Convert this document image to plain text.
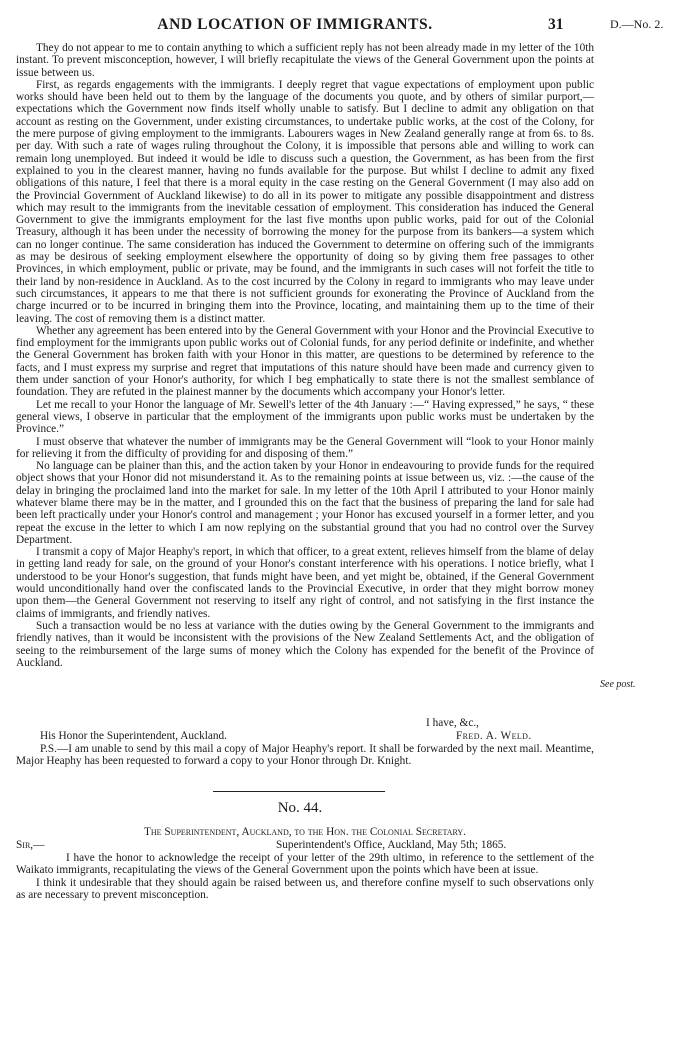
AND LOCATION OF IMMIGRANTS.	31	D.—No. 2.

They do not appear to me to contain anything to which a sufficient reply has not been already made in my letter of the 10th instant. To prevent misconception, however, I will briefly recapitulate the views of the General Government upon the points at issue between us.

First, as regards engagements with the immigrants. I deeply regret that vague expectations of employment upon public works should have been held out to them by the language of the documents you quote, and by others of similar purport,—expectations which the Government now finds itself wholly unable to satisfy. But I decline to admit any obligation on that account as resting on the Government, under existing circumstances, to undertake public works, at the cost of the Colony, for the mere purpose of giving employment to the immigrants. Labourers wages in New Zealand generally range at from 6s. to 8s. per day. With such a rate of wages ruling throughout the Colony, it is impossible that persons able and willing to work can remain long unemployed. But indeed it would be idle to discuss such a question, the Government, as has been from the first explained to you in the clearest manner, having no funds available for the purpose. But whilst I decline to admit any fixed obligations of this nature, I feel that there is a moral equity in the case resting on the General Government (I may also add on the Provincial Government of Auckland likewise) to do all in its power to mitigate any possible disappointment and distress which may result to the immigrants from the inevitable cessation of employment. This consideration has induced the General Government to give the immigrants employment for the last five months upon public works, paid for out of the Colonial Treasury, although it has been under the necessity of borrowing the money for the purpose from its bankers—a system which can no longer continue. The same consideration has induced the Government to determine on offering such of the immigrants as may be desirous of seeking employment elsewhere the opportunity of doing so by giving them free passages to other Provinces, in which employment, public or private, may be found, and the immigrants in such cases will not forfeit the title to their land by non-residence in Auckland. As to the cost incurred by the Colony in regard to immigrants who may leave under such circumstances, it appears to me that there is not sufficient grounds for exonerating the Province of Auckland from the charge incurred or to be incurred in bringing them into the Province, locating, and maintaining them up to the time of their leaving. The cost of removing them is a distinct matter.

Whether any agreement has been entered into by the General Government with your Honor and the Provincial Executive to find employment for the immigrants upon public works out of Colonial funds, for any period definite or indefinite, and whether the General Government has broken faith with your Honor in this matter, are questions to be determined by reference to the facts, and I must express my surprise and regret that imputations of this nature should have been made and currency given to them under sanction of your Honor's authority, for which I beg emphatically to state there is not the smallest semblance of foundation. They are refuted in the plainest manner by the documents which accompany your Honor's letter.

Let me recall to your Honor the language of Mr. Sewell's letter of the 4th January :—“ Having expressed,” he says, “ these general views, I observe in particular that the employment of the immigrants upon public works must be undertaken by the Province.”

I must observe that whatever the number of immigrants may be the General Government will “look to your Honor mainly for relieving it from the difficulty of providing for and disposing of them.”

No language can be plainer than this, and the action taken by your Honor in endeavouring to provide funds for the required object shows that your Honor did not misunderstand it. As to the remaining points at issue between us, viz. :—the cause of the delay in bringing the proclaimed land into the market for sale. In my letter of the 10th April I attributed to your Honor mainly whatever blame there may be in the matter, and I grounded this on the fact that the business of preparing the land for sale had been left practically under your Honor's control and management ; your Honor has excused yourself in a former letter, and you repeat the excuse in the letter to which I am now replying on the substantial ground that you had no control over the Survey Department.

I transmit a copy of Major Heaphy's report, in which that officer, to a great extent, relieves himself from the blame of delay in getting land ready for sale, on the ground of your Honor's constant interference with his operations. I notice briefly, what I understood to be your Honor's suggestion, that funds might have been, and yet might be, obtained, if the General Government would unconditionally hand over the confiscated lands to the Provincial Executive, in order that they might borrow money upon them—the General Government not reserving to itself any right of control, and not satisfying in the first instance the claims of immigrants, and friendly natives.

Such a transaction would be no less at variance with the duties owing by the General Government to the immigrants and friendly natives, than it would be inconsistent with the provisions of the New Zealand Settlements Act, and the obligation of seeing to the reimbursement of the large sums of money which the Colony has expended for the benefit of the Province of Auckland.

See post.
I have, &c.,
His Honor the Superintendent, Auckland.	Fred. A. Weld.
P.S.—I am unable to send by this mail a copy of Major Heaphy's report. It shall be forwarded by the next mail. Meantime, Major Heaphy has been requested to forward a copy to your Honor through Dr. Knight.
No. 44.
The Superintendent, Auckland, to the Hon. the Colonial Secretary.
Sir,—	Superintendent's Office, Auckland, May 5th; 1865.

I have the honor to acknowledge the receipt of your letter of the 29th ultimo, in reference to the settlement of the Waikato immigrants, recapitulating the views of the General Government upon the points which have been at issue.

I think it undesirable that they should again be raised between us, and therefore confine myself to such observations only as are necessary to prevent misconception.
